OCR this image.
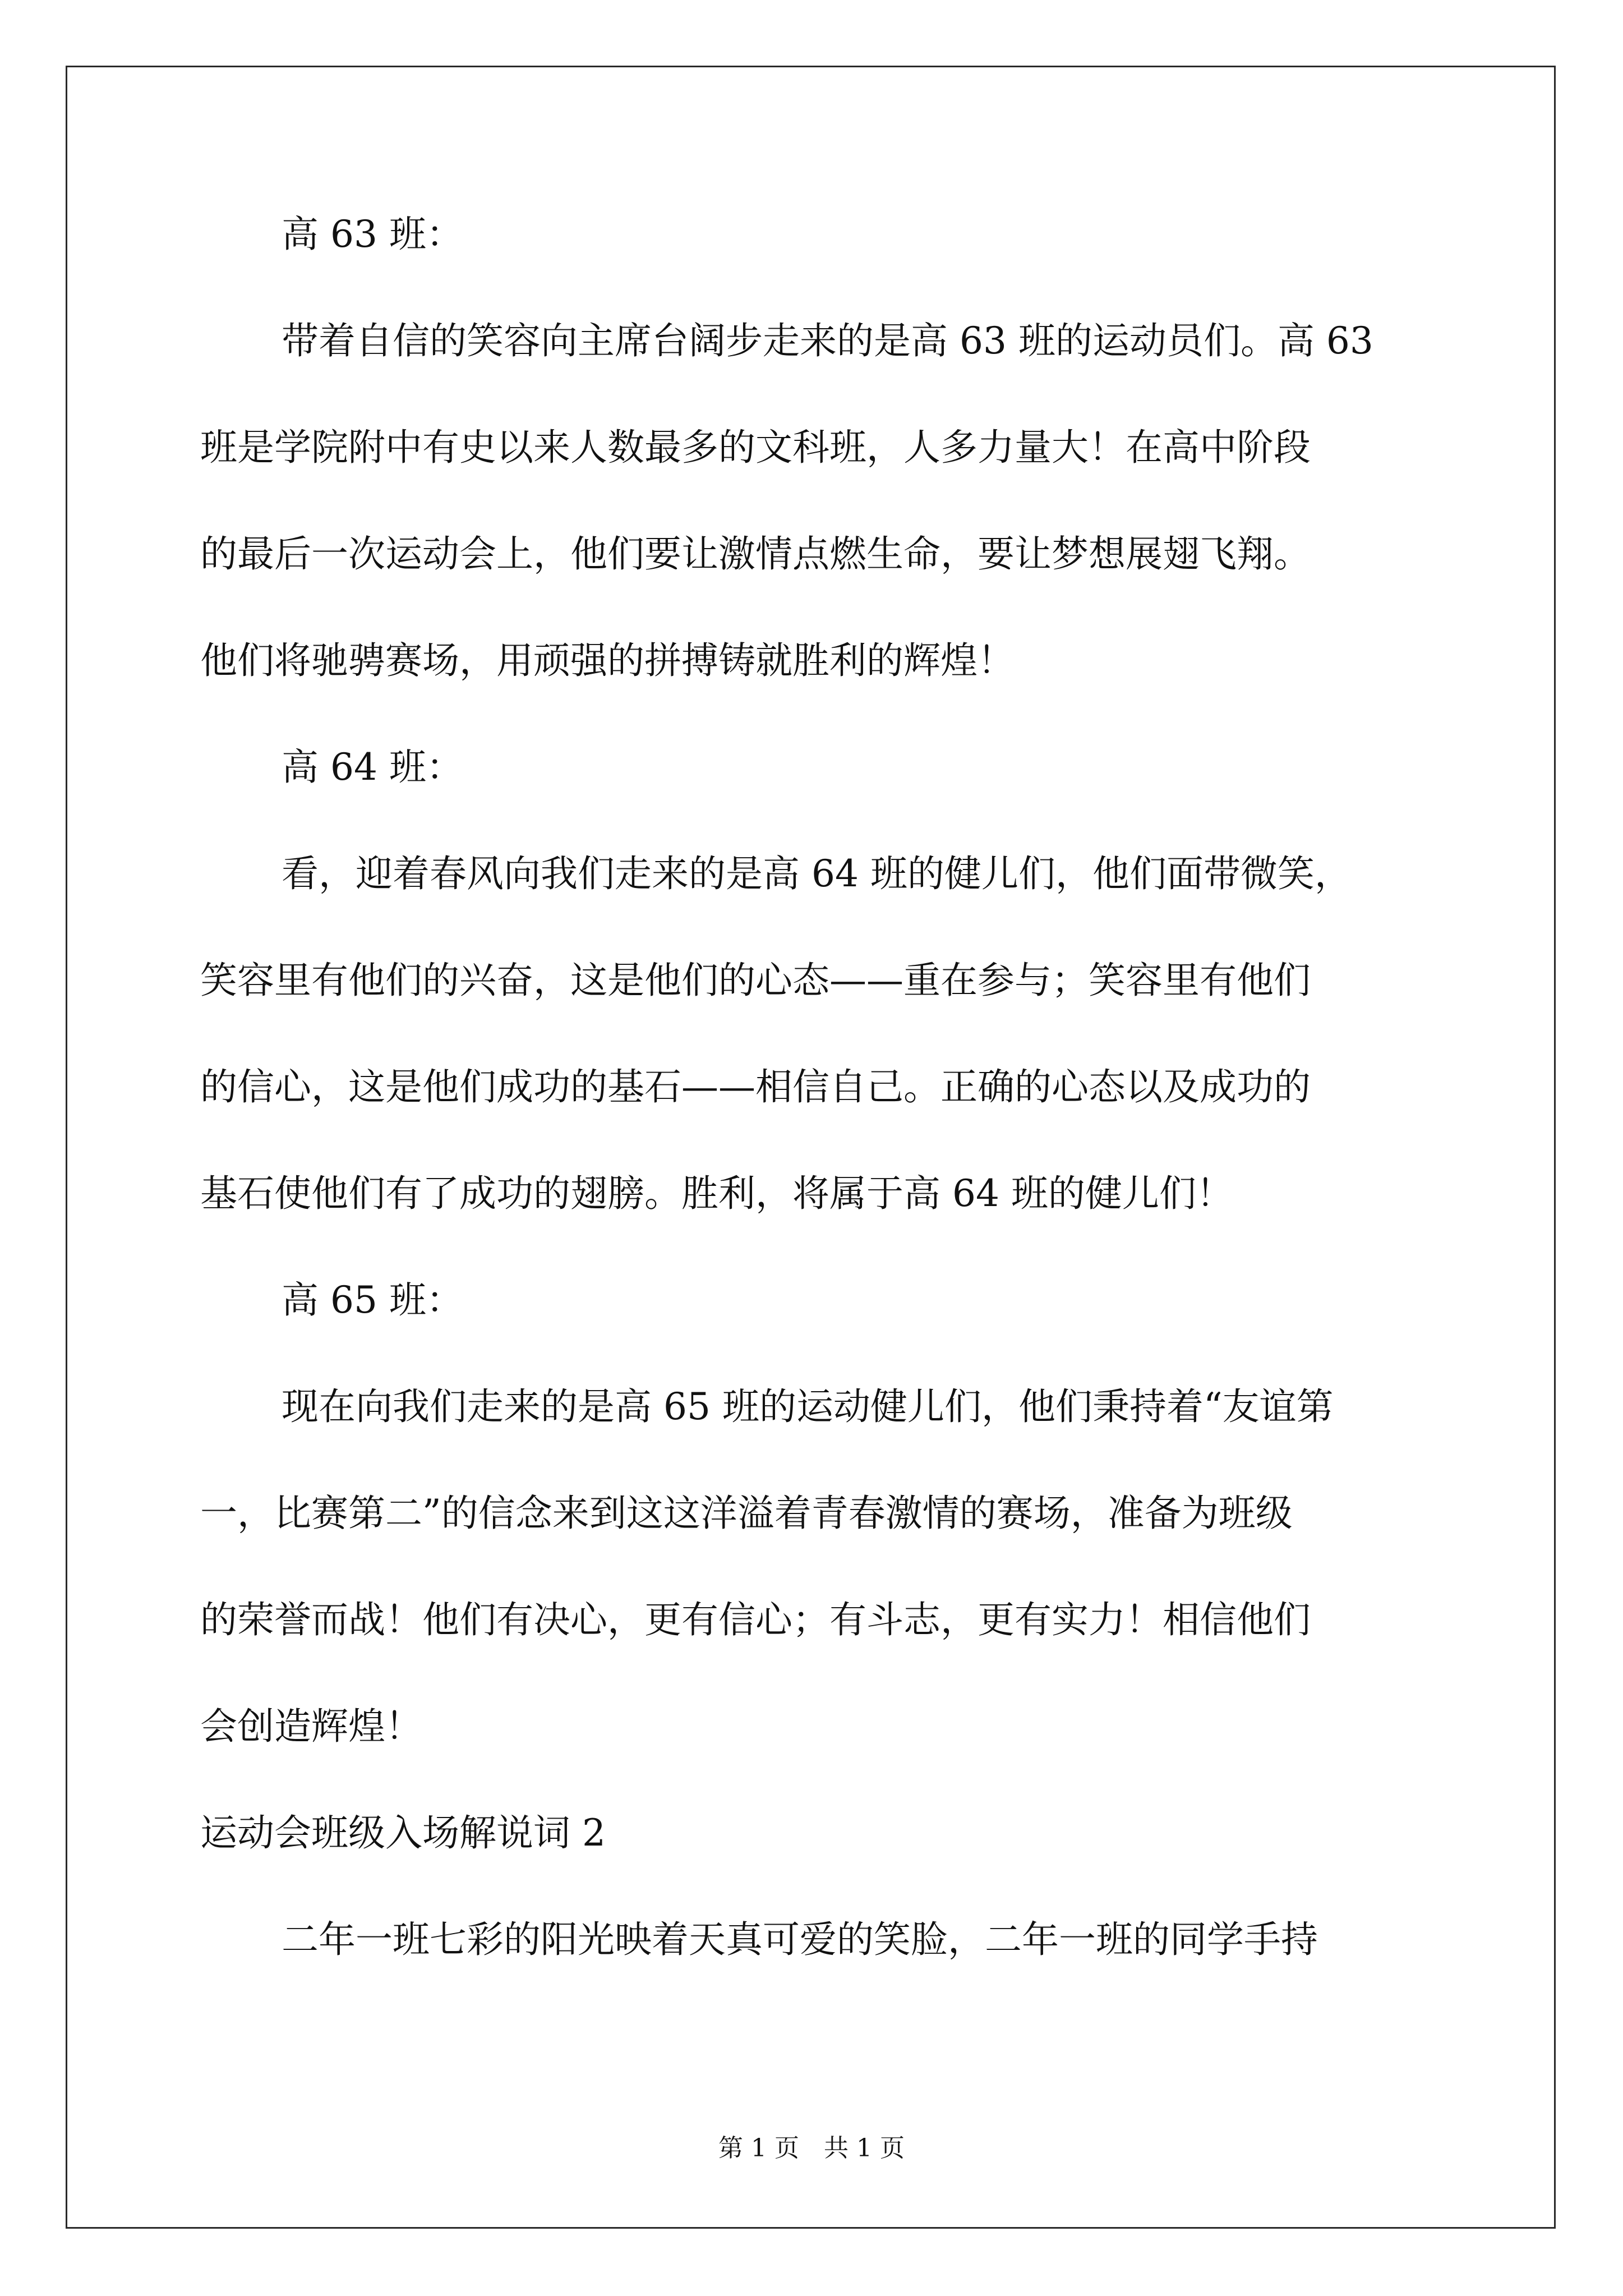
高 63 班：

带着自信的笑容向主席台阔步走来的是高 63 班的运动员们。高 63

班是学院附中有史以来人数最多的文科班，人多力量大！在高中阶段

的最后一次运动会上，他们要让激情点燃生命，要让梦想展翅飞翔。

他们将驰骋赛场，用顽强的拼搏铸就胜利的辉煌！

高 64 班：

看，迎着春风向我们走来的是高 64 班的健儿们，他们面带微笑，

笑容里有他们的兴奋，这是他们的心态——重在参与；笑容里有他们

的信心，这是他们成功的基石——相信自己。正确的心态以及成功的

基石使他们有了成功的翅膀。胜利，将属于高 64 班的健儿们！

高 65 班：

现在向我们走来的是高 65 班的运动健儿们，他们秉持着“友谊第

一，比赛第二”的信念来到这这洋溢着青春激情的赛场，准备为班级

的荣誉而战！他们有决心，更有信心；有斗志，更有实力！相信他们

会创造辉煌！

运动会班级入场解说词 2

二年一班七彩的阳光映着天真可爱的笑脸，二年一班的同学手持

第 1 页　共 1 页
